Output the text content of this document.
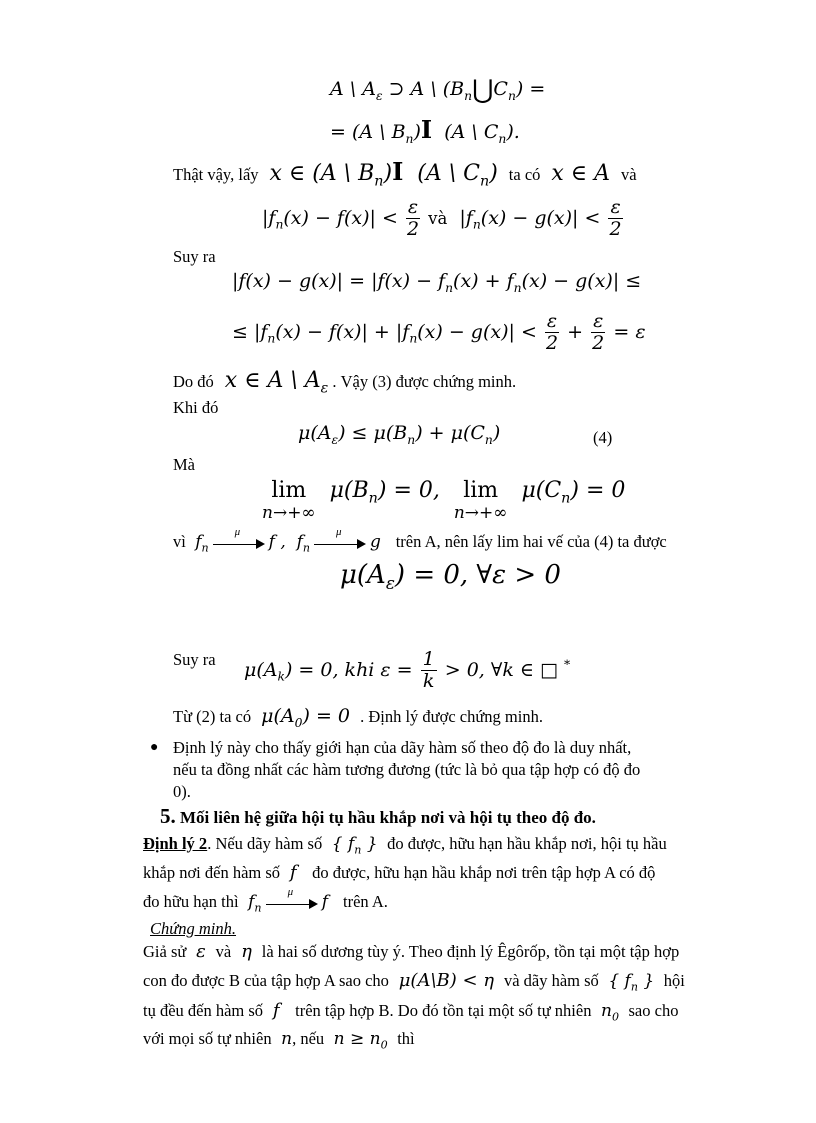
A \ $A_\varepsilon$ ⊃ A \ $(B_n⋃C_n)$ =
= (A \ $B_n)I$  (A \ $C_n$).
Thật vậy, lấy  x ∈ (A \ $B_n)I$  (A \ $C_n$)  ta có  x ∈ A  và
$|f_n(x) - f(x)| < \frac{\varepsilon}{2}$ và  $|f_n(x) - g(x)| < \frac{\varepsilon}{2}$
Suy ra
$|f(x) - g(x)| = |f(x) - f_n(x) + f_n(x) - g(x)|$ ≤
≤ $|f_n(x) - f(x)| + |f_n(x) - g(x)| < \frac{\varepsilon}{2} + \frac{\varepsilon}{2} = \varepsilon$
Do đó  x ∈ A \ $A_\varepsilon$ . Vậy (3) được chứng minh.
Khi đó
$\mu(A_\varepsilon) \le \mu(B_n) + \mu(C_n)$	(4)
Mà
lim
n→+∞
$\mu(B_n) = 0$,  lim
n→+∞
$\mu(C_n) = 0$
vì  $f_n$
μ f ,  $f_n$
μ g   trên A, nên lấy lim hai vế của (4) ta được
$\mu(A_\varepsilon) = 0$, ∀ε > 0
Suy ra $\mu(A_k) = 0$, khi $\varepsilon = \frac{1}{k} > 0$, ∀k ∈ □ *
Từ (2) ta có  $\mu(A_0) = 0$  . Định lý được chứng minh.
● Định lý này cho thấy giới hạn của dãy hàm số theo độ đo là duy nhất,
nếu ta đồng nhất các hàm tương đương (tức là bỏ qua tập hợp có độ đo
0).
5. Mối liên hệ giữa hội tụ hầu khắp nơi và hội tụ theo độ đo.
Định lý 2. Nếu dãy hàm số  { $f_n$ }  đo được, hữu hạn hầu khắp nơi, hội tụ hầu
khắp nơi đến hàm số  f   đo được, hữu hạn hầu khắp nơi trên tập hợp A có độ
đo hữu hạn thì  $f_n$
μ f   trên A.
Chứng minh.
Giả sử  ε  và  η  là hai số dương tùy ý. Theo định lý Êgôrốp, tồn tại một tập hợp
con đo được B của tập hợp A sao cho  μ(A\B) < η  và dãy hàm số  { $f_n$ }  hội
tụ đều đến hàm số  f   trên tập hợp B. Do đó tồn tại một số tự nhiên  $n_0$ sao cho
với mọi số tự nhiên  n, nếu  $n \ge n_0$ thì
